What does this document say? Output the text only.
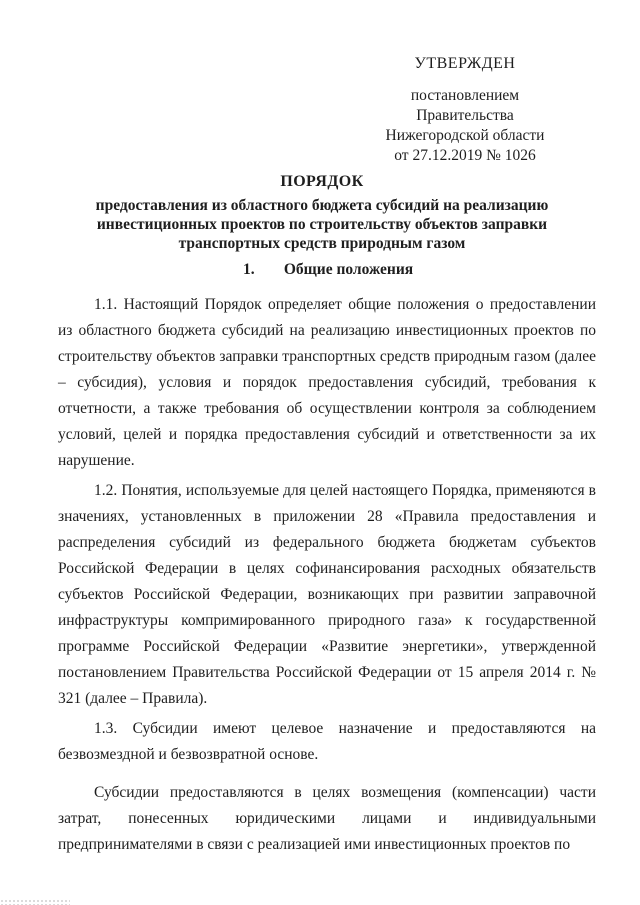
УТВЕРЖДЕН
постановлением Правительства
Нижегородской области
от 27.12.2019 № 1026
ПОРЯДОК
предоставления из областного бюджета субсидий на реализацию
инвестиционных проектов по строительству объектов заправки
транспортных средств природным газом
1. Общие положения

1.1. Настоящий Порядок определяет общие положения о предоставлении из областного бюджета субсидий на реализацию инвестиционных проектов по строительству объектов заправки транспортных средств природным газом (далее – субсидия), условия и порядок предоставления субсидий, требования к отчетности, а также требования об осуществлении контроля за соблюдением условий, целей и порядка предоставления субсидий и ответственности за их нарушение.

1.2. Понятия, используемые для целей настоящего Порядка, применяются в значениях, установленных в приложении 28 «Правила предоставления и распределения субсидий из федерального бюджета бюджетам субъектов Российской Федерации в целях софинансирования расходных обязательств субъектов Российской Федерации, возникающих при развитии заправочной инфраструктуры компримированного природного газа» к государственной программе Российской Федерации «Развитие энергетики», утвержденной постановлением Правительства Российской Федерации от 15 апреля 2014 г. № 321 (далее – Правила).

1.3. Субсидии имеют целевое назначение и предоставляются на безвозмездной и безвозвратной основе.

Субсидии предоставляются в целях возмещения (компенсации) части затрат, понесенных юридическими лицами и индивидуальными предпринимателями в связи с реализацией ими инвестиционных проектов по
